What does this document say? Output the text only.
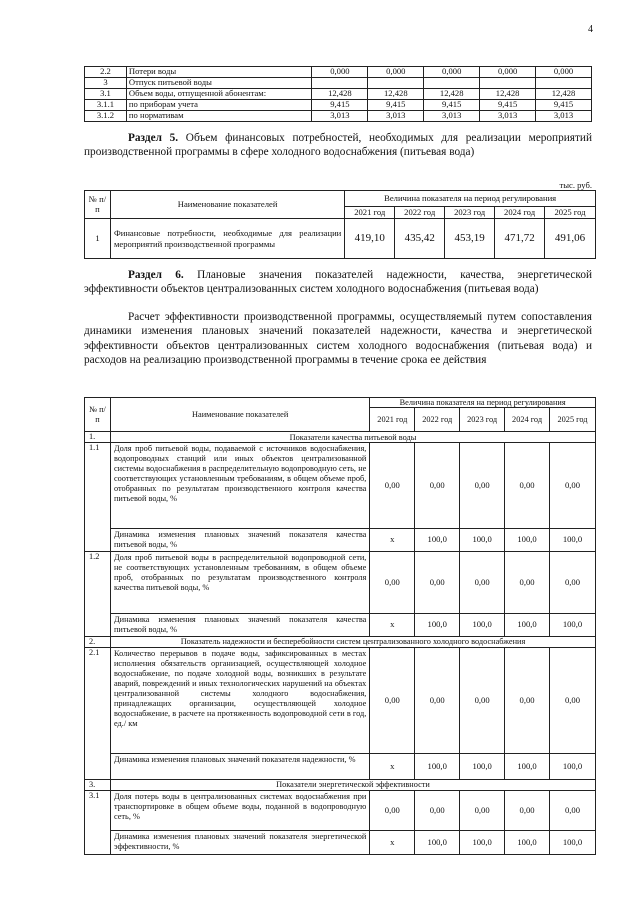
4
2.2	Потери воды	0,000	0,000	0,000	0,000	0,000
3	Отпуск питьевой воды					
3.1	Объем воды, отпущенной абонентам:	12,428	12,428	12,428	12,428	12,428
3.1.1	по приборам учета	9,415	9,415	9,415	9,415	9,415
3.1.2	по нормативам	3,013	3,013	3,013	3,013	3,013
Раздел 5. Объем финансовых потребностей, необходимых для реализации мероприятий производственной программы в сфере холодного водоснабжения (питьевая вода)
тыс. руб.
№ п/п	Наименование показателей	Величина показателя на период регулирования				
		2021 год	2022 год	2023 год	2024 год	2025 год
1	Финансовые потребности, необходимые для реализации мероприятий производственной программы	419,10	435,42	453,19	471,72	491,06
Раздел 6. Плановые значения показателей надежности, качества, энергетической эффективности объектов централизованных систем холодного водоснабжения (питьевая вода)
Расчет эффективности производственной программы, осуществляемый путем сопоставления динамики изменения плановых значений показателей надежности, качества и энергетической эффективности объектов централизованных систем холодного водоснабжения (питьевая вода) и расходов на реализацию производственной программы в течение срока ее действия
№ п/п	Наименование показателей	Величина показателя на период регулирования				
		2021 год	2022 год	2023 год	2024 год	2025 год
1.	Показатели качества питьевой воды					
1.1	Доля проб питьевой воды, подаваемой с источников водоснабжения, водопроводных станций или иных объектов централизованной системы водоснабжения в распределительную водопроводную сеть, не соответствующих установленным требованиям, в общем объеме проб, отобранных по результатам производственного контроля качества питьевой воды, %	0,00	0,00	0,00	0,00	0,00
	Динамика изменения плановых значений показателя качества питьевой воды, %	x	100,0	100,0	100,0	100,0
1.2	Доля проб питьевой воды в распределительной водопроводной сети, не соответствующих установленным требованиям, в общем объеме проб, отобранных по результатам производственного контроля качества питьевой воды, %	0,00	0,00	0,00	0,00	0,00
	Динамика изменения плановых значений показателя качества питьевой воды, %	x	100,0	100,0	100,0	100,0
2.	Показатель надежности и бесперебойности систем централизованного холодного водоснабжения					
2.1	Количество перерывов в подаче воды, зафиксированных в местах исполнения обязательств организацией, осуществляющей холодное водоснабжение, по подаче холодной воды, возникших в результате аварий, повреждений и иных технологических нарушений на объектах централизованной системы холодного водоснабжения, принадлежащих организации, осуществляющей холодное водоснабжение, в расчете на протяженность водопроводной сети в год, ед./ км	0,00	0,00	0,00	0,00	0,00
	Динамика изменения плановых значений показателя надежности, %	x	100,0	100,0	100,0	100,0
3.	Показатели энергетической эффективности					
3.1	Доля потерь воды в централизованных системах водоснабжения при транспортировке в общем объеме воды, поданной в водопроводную сеть, %	0,00	0,00	0,00	0,00	0,00
	Динамика изменения плановых значений показателя энергетической эффективности, %	x	100,0	100,0	100,0	100,0
